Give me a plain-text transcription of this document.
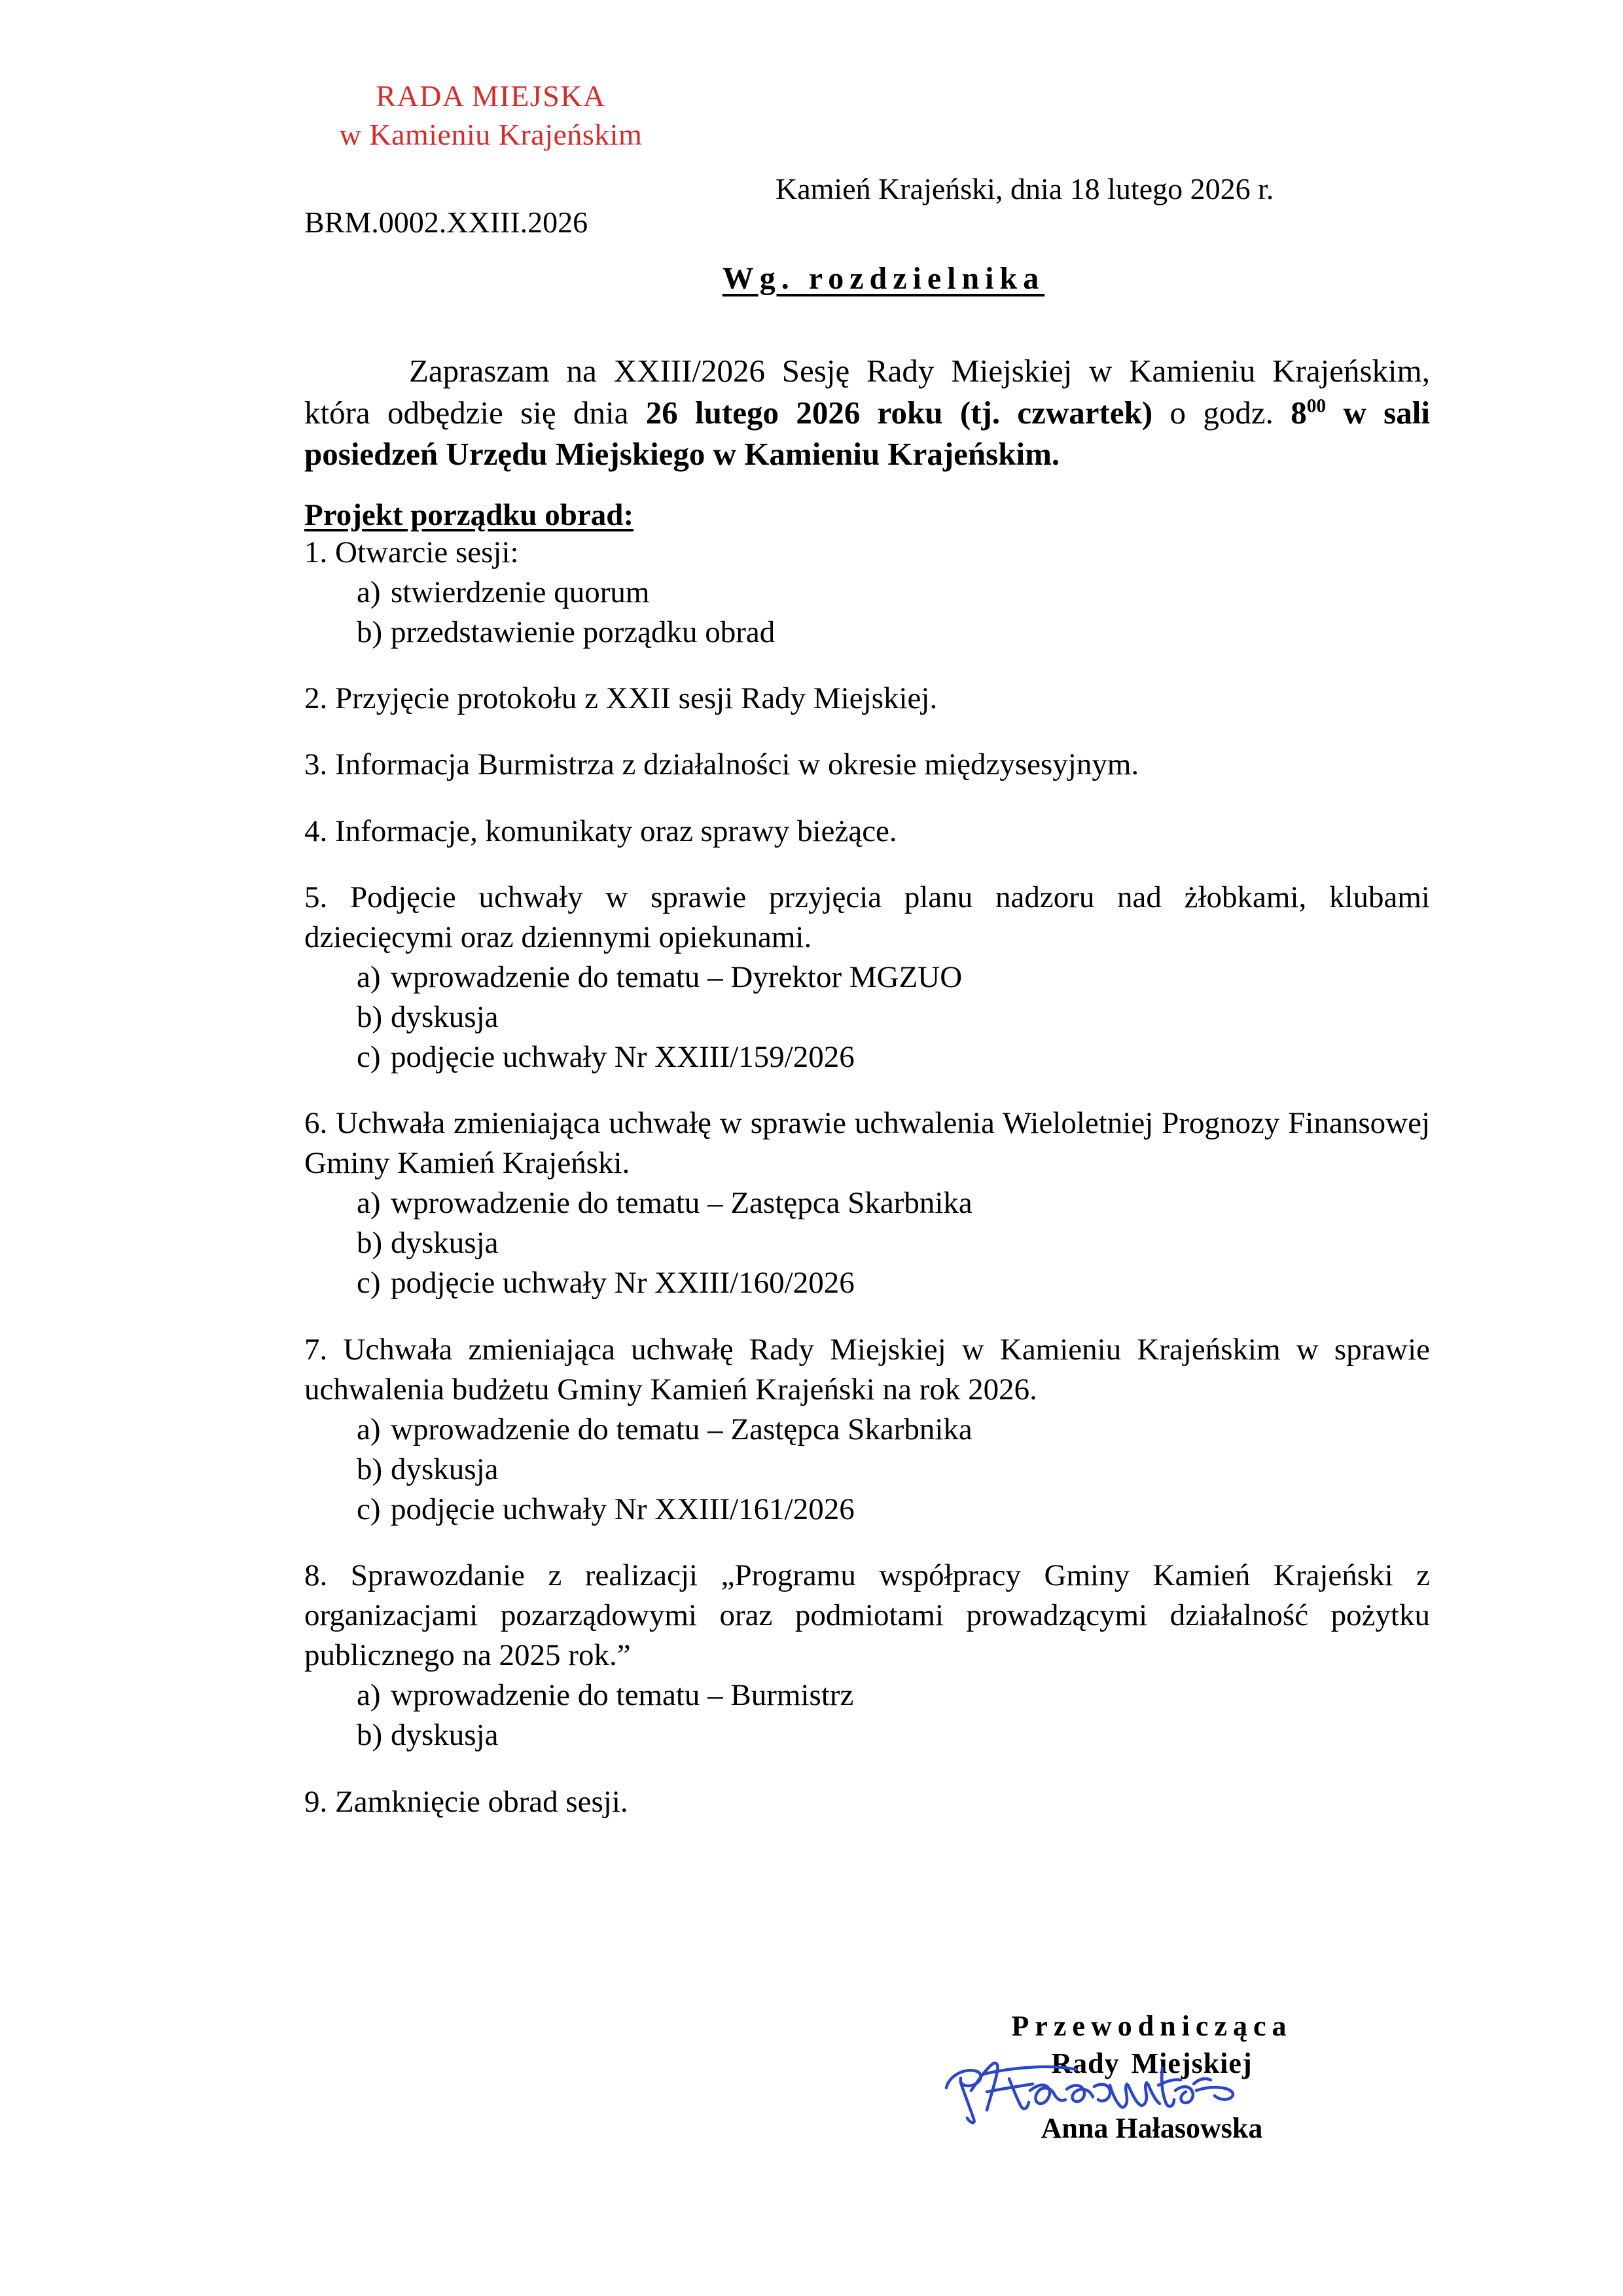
RADA MIEJSKA
w Kamieniu Krajeńskim
BRM.0002.XXIII.2026
Kamień Krajeński, dnia 18 lutego 2026 r.
Wg. rozdzielnika

Zapraszam na XXIII/2026 Sesję Rady Miejskiej w Kamieniu Krajeńskim, która odbędzie się dnia 26 lutego 2026 roku (tj. czwartek) o godz. $8^{00}$ w sali posiedzeń Urzędu Miejskiego w Kamieniu Krajeńskim.

Projekt porządku obrad:

1. Otwarcie sesji:

a) stwierdzenie quorum
b) przedstawienie porządku obrad

2. Przyjęcie protokołu z XXII sesji Rady Miejskiej.

3. Informacja Burmistrza z działalności w okresie międzysesyjnym.

4. Informacje, komunikaty oraz sprawy bieżące.

5. Podjęcie uchwały w sprawie przyjęcia planu nadzoru nad żłobkami, klubami dziecięcymi oraz dziennymi opiekunami.

a) wprowadzenie do tematu – Dyrektor MGZUO
b) dyskusja
c) podjęcie uchwały Nr XXIII/159/2026

6. Uchwała zmieniająca uchwałę w sprawie uchwalenia Wieloletniej Prognozy Finansowej Gminy Kamień Krajeński.

a) wprowadzenie do tematu – Zastępca Skarbnika
b) dyskusja
c) podjęcie uchwały Nr XXIII/160/2026

7. Uchwała zmieniająca uchwałę Rady Miejskiej w Kamieniu Krajeńskim w sprawie uchwalenia budżetu Gminy Kamień Krajeński na rok 2026.

a) wprowadzenie do tematu – Zastępca Skarbnika
b) dyskusja
c) podjęcie uchwały Nr XXIII/161/2026

8. Sprawozdanie z realizacji „Programu współpracy Gminy Kamień Krajeński z organizacjami pozarządowymi oraz podmiotami prowadzącymi działalność pożytku publicznego na 2025 rok.”

a) wprowadzenie do tematu – Burmistrz
b) dyskusja

9. Zamknięcie obrad sesji.

Przewodnicząca
Rady Miejskiej
Anna Hałasowska
